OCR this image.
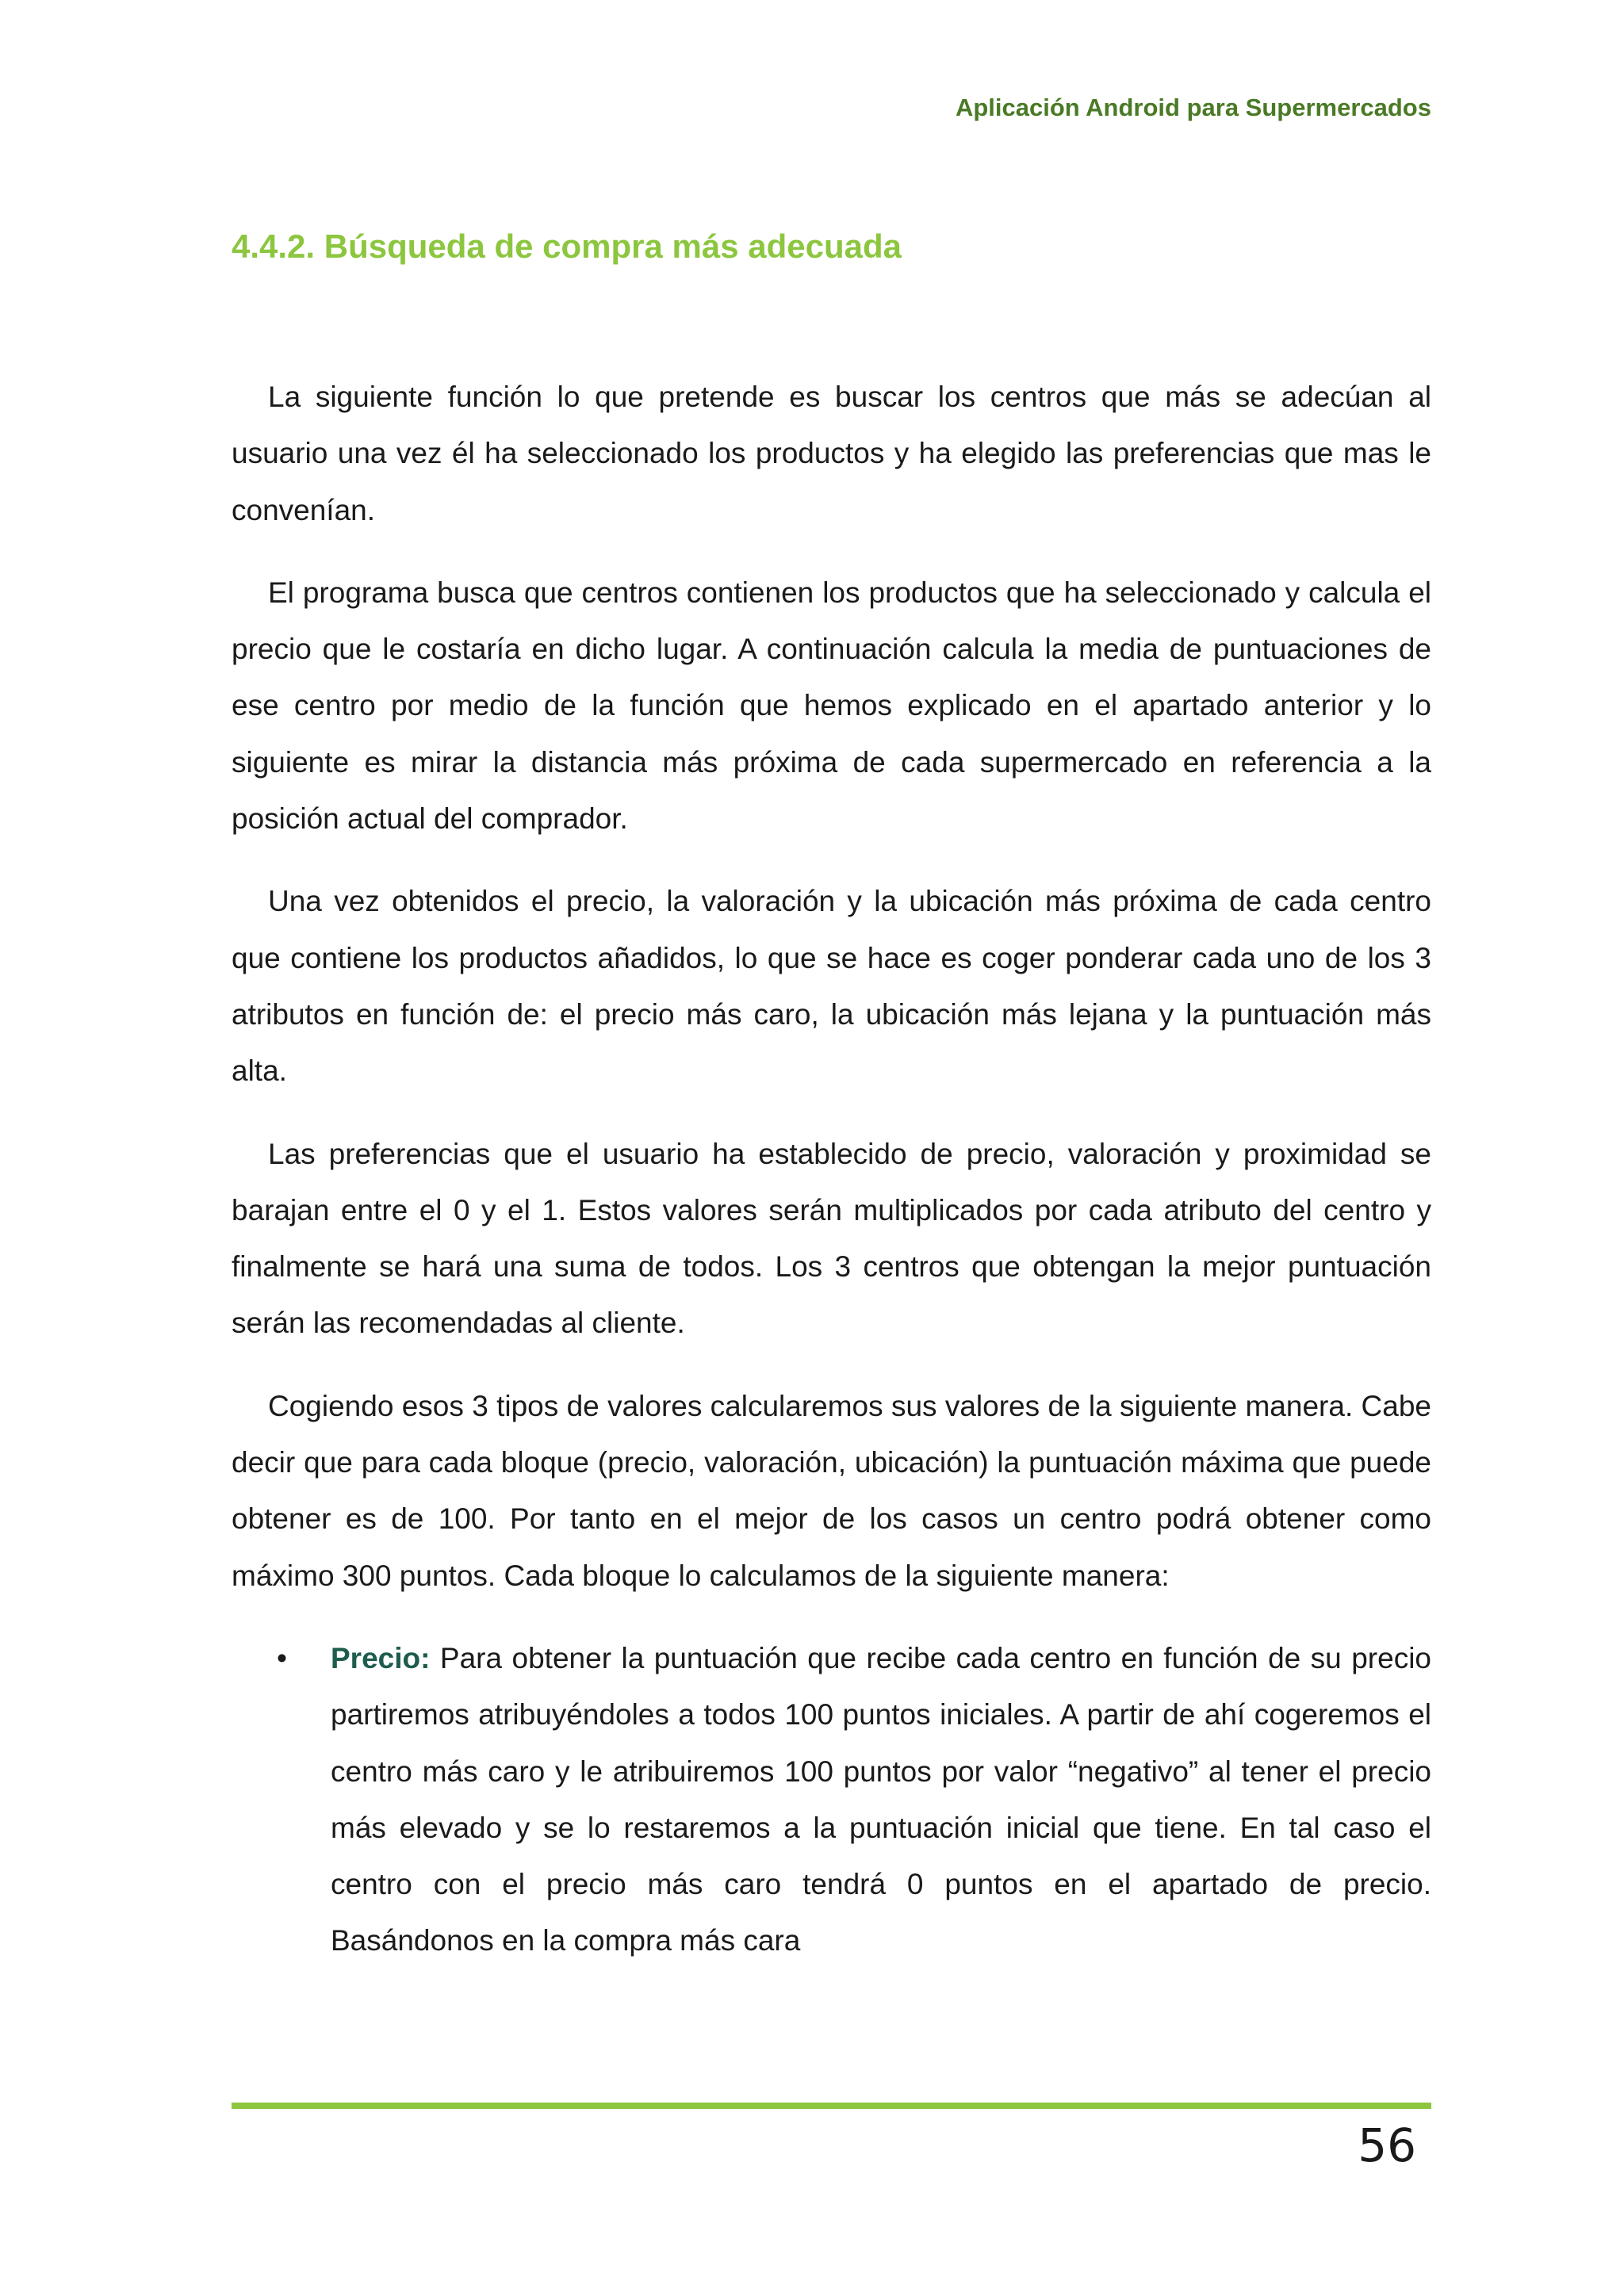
Aplicación Android para Supermercados
4.4.2. Búsqueda de compra más adecuada

La siguiente función lo que pretende es buscar los centros que más se adecúan al usuario una vez él ha seleccionado los productos y ha elegido las preferencias que mas le convenían.

El programa busca que centros contienen los productos que ha seleccionado y calcula el precio que le costaría en dicho lugar. A continuación calcula la media de puntuaciones de ese centro por medio de la función que hemos explicado en el apartado anterior y lo siguiente es mirar la distancia más próxima de cada supermercado en referencia a la posición actual del comprador.

Una vez obtenidos el precio, la valoración y la ubicación más próxima de cada centro que contiene los productos añadidos, lo que se hace es coger ponderar cada uno de los 3 atributos en función de: el precio más caro, la ubicación más lejana y la puntuación más alta.

Las preferencias que el usuario ha establecido de precio, valoración y proximidad se barajan entre el 0 y el 1. Estos valores serán multiplicados por cada atributo del centro y finalmente se hará una suma de todos. Los 3 centros que obtengan la mejor puntuación serán las recomendadas al cliente.

Cogiendo esos 3 tipos de valores calcularemos sus valores de la siguiente manera. Cabe decir que para cada bloque (precio, valoración, ubicación) la puntuación máxima que puede obtener es de 100. Por tanto en el mejor de los casos un centro podrá obtener como máximo 300 puntos. Cada bloque lo calculamos de la siguiente manera:

• Precio: Para obtener la puntuación que recibe cada centro en función de su precio partiremos atribuyéndoles a todos 100 puntos iniciales. A partir de ahí cogeremos el centro más caro y le atribuiremos 100 puntos por valor “negativo” al tener el precio más elevado y se lo restaremos a la puntuación inicial que tiene. En tal caso el centro con el precio más caro tendrá 0 puntos en el apartado de precio. Basándonos en la compra más cara
56
